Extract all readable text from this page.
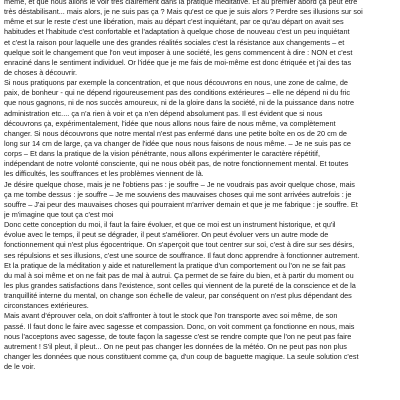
même, et que nous allons le voir très clairement dans la pratique méditative. Et au premier abord ça peut être
très déstabilisant... mais alors, je ne suis pas ça ? Mais qu'est ce que je suis alors ? Perdre ses illusions sur soi
même et sur le reste c'est une libération, mais au départ c'est inquiétant, par ce qu'au départ on avait ses
habitudes et l'habitude c'est confortable et l'adaptation à quelque chose de nouveau c'est un peu inquiétant
et c'est la raison pour laquelle une des grandes réalités sociales c'est la résistance aux changements – et
quelque soit le changement que l'on veut imposer à une société, les gens commencent à dire : NON et c'est
enraciné dans le sentiment individuel. Or l'idée que je me fais de moi-même est donc étriquée et j'ai des tas
de choses à découvrir.
Si nous pratiquons par exemple la concentration, et que nous découvrons en nous, une zone de calme, de
paix, de bonheur - qui ne dépend rigoureusement pas des conditions extérieures – elle ne dépend ni du fric
que nous gagnons, ni de nos succès amoureux, ni de la gloire dans la société, ni de la puissance dans notre
administration etc.... ça n'a rien à voir et ça n'en dépend absolument pas. Il est évident que si nous
découvrons ça, expérimentalement, l'idée que nous allons nous faire de nous même, va complètement
changer. Si nous découvrons que notre mental n'est pas enfermé dans une petite boîte en os de 20 cm de
long sur 14 cm de large, ça va changer de l'idée que nous nous faisons de nous même. – Je ne suis pas ce
corps – Et dans la pratique de la vision pénétrante, nous allons expérimenter le caractère répétitif,
indépendant de notre volonté consciente, qui ne nous obéit pas, de notre fonctionnement mental. Et toutes
les difficultés, les souffrances et les problèmes viennent de là.
Je désire quelque chose, mais je ne l'obtiens pas : je souffre – Je ne voudrais pas avoir quelque chose, mais
ça me tombe dessus : je souffre – Je me souviens des mauvaises choses qui me sont arrivées autrefois : je
souffre – J'ai peur des mauvaises choses qui pourraient m'arriver demain et que je me fabrique : je souffre. Et
je m'imagine que tout ça c'est moi
Donc cette conception du moi, il faut la faire évoluer, et que ce moi est un instrument historique, et qu'il
évolue avec le temps, il peut se dégrader, il peut s'améliorer. On peut évoluer vers un autre mode de
fonctionnement qui n'est plus égocentrique. On s'aperçoit que tout centrer sur soi, c'est à dire sur ses désirs,
ses répulsions et ses illusions, c'est une source de souffrance. Il faut donc apprendre à fonctionner autrement.
Et la pratique de la méditation y aide et naturellement la pratique d'un comportement ou l'on ne se fait pas
du mal à soi même et on ne fait pas de mal à autrui. Ça permet de se faire du bien, et à partir du moment ou
les plus grandes satisfactions dans l'existence, sont celles qui viennent de la pureté de la conscience et de la
tranquillité interne du mental, on change son échelle de valeur, par conséquent on n'est plus dépendant des
circonstances extérieures.
Mais avant d'éprouver cela, on doit s'affronter à tout le stock que l'on transporte avec soi même, de son
passé. Il faut donc le faire avec sagesse et compassion. Donc, on voit comment ça fonctionne en nous, mais
nous l'acceptons avec sagesse, de toute façon la sagesse c'est se rendre compte que l'on ne peut pas faire
autrement ! S'il pleut, il pleut... On ne peut pas changer les données de la météo. On ne peut pas non plus
changer les données que nous constituent comme ça, d'un coup de baguette magique. La seule solution c'est
de le voir.
